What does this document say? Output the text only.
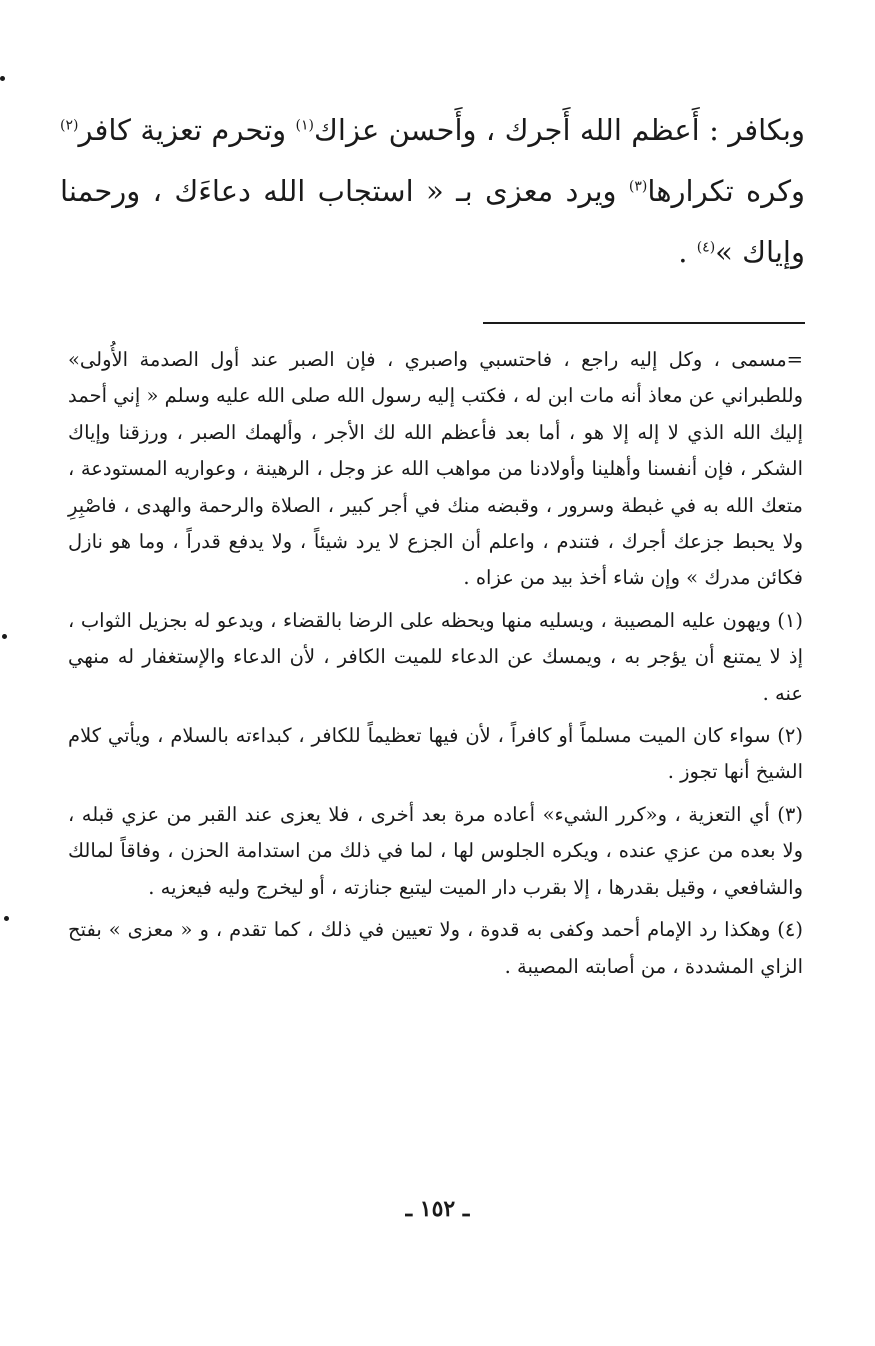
وبكافر : أَعظم الله أَجرك ، وأَحسن عزاك$^{(١)}$ وتحرم تعزية كافر$^{(٢)}$ وكره تكرارها$^{(٣)}$ ويرد معزى بـ « استجاب الله دعاءَك ، ورحمنا وإياك »$^{(٤)}$ .

=مسمى ، وكل إليه راجع ، فاحتسبي واصبري ، فإن الصبر عند أول الصدمة الأُولى» وللطبراني عن معاذ أنه مات ابن له ، فكتب إليه رسول الله صلى الله عليه وسلم « إني أحمد إليك الله الذي لا إله إلا هو ، أما بعد فأعظم الله لك الأجر ، وألهمك الصبر ، ورزقنا وإياك الشكر ، فإن أنفسنا وأهلينا وأولادنا من مواهب الله عز وجل ، الرهينة ، وعواريه المستودعة ، متعك الله به في غبطة وسرور ، وقبضه منك في أجر كبير ، الصلاة والرحمة والهدى ، فاصْبِرِ ولا يحبط جزعك أجرك ، فتندم ، واعلم أن الجزع لا يرد شيئاً ، ولا يدفع قدراً ، وما هو نازل فكائن مدرك » وإن شاء أخذ بيد من عزاه .

(١) ويهون عليه المصيبة ، ويسليه منها ويحظه على الرضا بالقضاء ، ويدعو له بجزيل الثواب ، إذ لا يمتنع أن يؤجر به ، ويمسك عن الدعاء للميت الكافر ، لأن الدعاء والإستغفار له منهي عنه .

(٢) سواء كان الميت مسلماً أو كافراً ، لأن فيها تعظيماً للكافر ، كبداءته بالسلام ، ويأتي كلام الشيخ أنها تجوز .

(٣) أي التعزية ، و«كرر الشيء» أعاده مرة بعد أخرى ، فلا يعزى عند القبر من عزي قبله ، ولا بعده من عزي عنده ، ويكره الجلوس لها ، لما في ذلك من استدامة الحزن ، وفاقاً لمالك والشافعي ، وقيل بقدرها ، إلا بقرب دار الميت ليتبع جنازته ، أو ليخرج وليه فيعزيه .

(٤) وهكذا رد الإمام أحمد وكفى به قدوة ، ولا تعيين في ذلك ، كما تقدم ، و « معزى » بفتح الزاي المشددة ، من أصابته المصيبة .

ـ ١٥٢ ـ
